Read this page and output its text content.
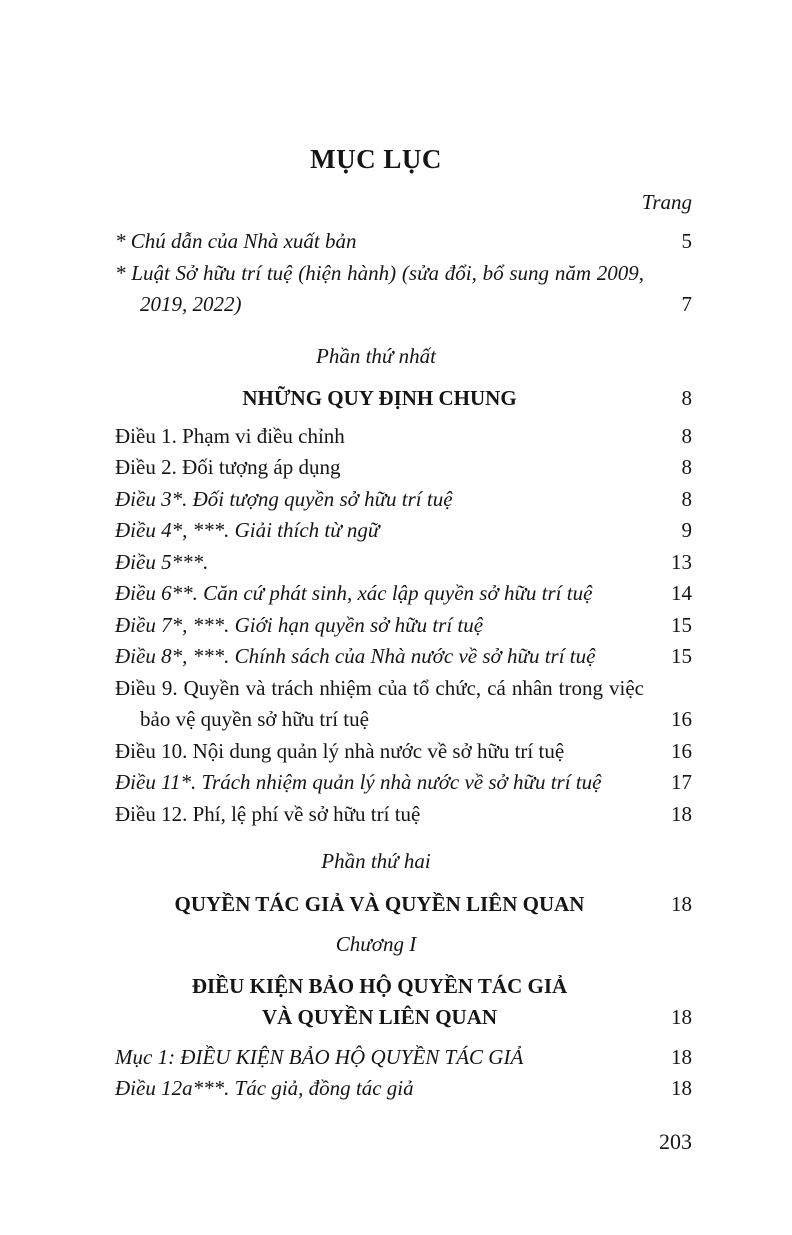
MỤC LỤC
Trang
* Chú dẫn của Nhà xuất bản	5
* Luật Sở hữu trí tuệ (hiện hành) (sửa đổi, bổ sung năm 2009, 2019, 2022)	7
Phần thứ nhất
NHỮNG QUY ĐỊNH CHUNG	8
Điều 1. Phạm vi điều chỉnh	8
Điều 2. Đối tượng áp dụng	8
Điều 3*. Đối tượng quyền sở hữu trí tuệ	8
Điều 4*, ***. Giải thích từ ngữ	9
Điều 5***.	13
Điều 6**. Căn cứ phát sinh, xác lập quyền sở hữu trí tuệ	14
Điều 7*, ***. Giới hạn quyền sở hữu trí tuệ	15
Điều 8*, ***. Chính sách của Nhà nước về sở hữu trí tuệ	15
Điều 9. Quyền và trách nhiệm của tổ chức, cá nhân trong việc bảo vệ quyền sở hữu trí tuệ	16
Điều 10. Nội dung quản lý nhà nước về sở hữu trí tuệ	16
Điều 11*. Trách nhiệm quản lý nhà nước về sở hữu trí tuệ	17
Điều 12. Phí, lệ phí về sở hữu trí tuệ	18
Phần thứ hai
QUYỀN TÁC GIẢ VÀ QUYỀN LIÊN QUAN	18
Chương I
ĐIỀU KIỆN BẢO HỘ QUYỀN TÁC GIẢ
VÀ QUYỀN LIÊN QUAN	18
Mục 1: ĐIỀU KIỆN BẢO HỘ QUYỀN TÁC GIẢ	18
Điều 12a***. Tác giả, đồng tác giả	18
203
